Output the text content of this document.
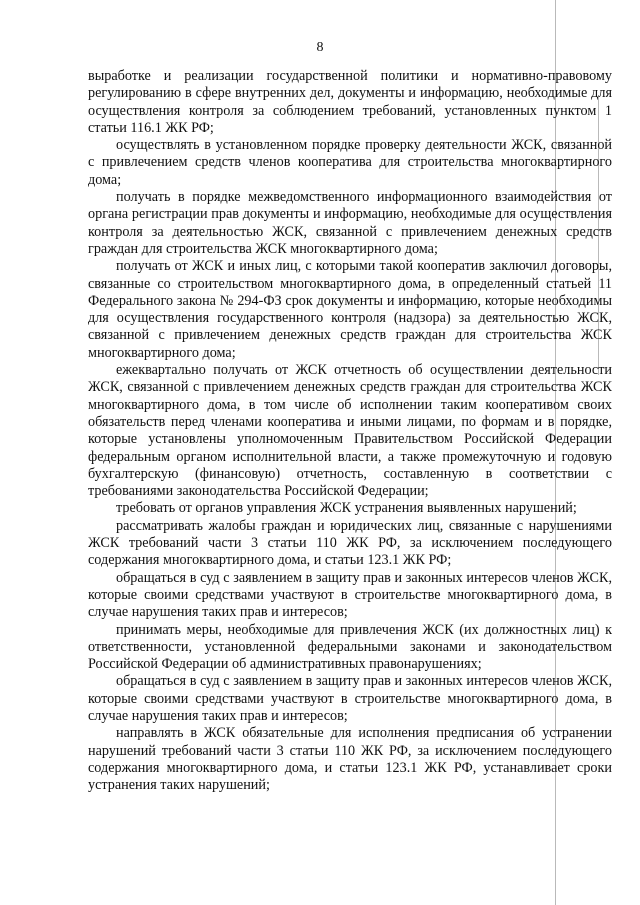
8

выработке и реализации государственной политики и нормативно-правовому регулированию в сфере внутренних дел, документы и информацию, необходимые для осуществления контроля за соблюдением требований, установленных пунктом 1 статьи 116.1 ЖК РФ;

осуществлять в установленном порядке проверку деятельности ЖСК, связанной с привлечением средств членов кооператива для строительства многоквартирного дома;

получать в порядке межведомственного информационного взаимодействия от органа регистрации прав документы и информацию, необходимые для осуществления контроля за деятельностью ЖСК, связанной с привлечением денежных средств граждан для строительства ЖСК многоквартирного дома;

получать от ЖСК и иных лиц, с которыми такой кооператив заключил договоры, связанные со строительством многоквартирного дома, в определенный статьей 11 Федерального закона № 294-ФЗ срок документы и информацию, которые необходимы для осуществления государственного контроля (надзора) за деятельностью ЖСК, связанной с привлечением денежных средств граждан для строительства ЖСК многоквартирного дома;

ежеквартально получать от ЖСК отчетность об осуществлении деятельности ЖСК, связанной с привлечением денежных средств граждан для строительства ЖСК многоквартирного дома, в том числе об исполнении таким кооперативом своих обязательств перед членами кооператива и иными лицами, по формам и в порядке, которые установлены уполномоченным Правительством Российской Федерации федеральным органом исполнительной власти, а также промежуточную и годовую бухгалтерскую (финансовую) отчетность, составленную в соответствии с требованиями законодательства Российской Федерации;

требовать от органов управления ЖСК устранения выявленных нарушений;

рассматривать жалобы граждан и юридических лиц, связанные с нарушениями ЖСК требований части 3 статьи 110 ЖК РФ, за исключением последующего содержания многоквартирного дома, и статьи 123.1 ЖК РФ;

обращаться в суд с заявлением в защиту прав и законных интересов членов ЖСК, которые своими средствами участвуют в строительстве многоквартирного дома, в случае нарушения таких прав и интересов;

принимать меры, необходимые для привлечения ЖСК (их должностных лиц) к ответственности, установленной федеральными законами и законодательством Российской Федерации об административных правонарушениях;

обращаться в суд с заявлением в защиту прав и законных интересов членов ЖСК, которые своими средствами участвуют в строительстве многоквартирного дома, в случае нарушения таких прав и интересов;

направлять в ЖСК обязательные для исполнения предписания об устранении нарушений требований части 3 статьи 110 ЖК РФ, за исключением последующего содержания многоквартирного дома, и статьи 123.1 ЖК РФ, устанавливает сроки устранения таких нарушений;
